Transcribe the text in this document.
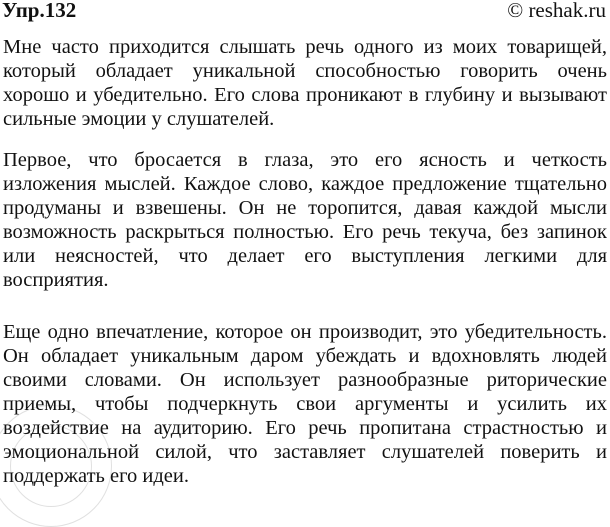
Упр.132	© reshak.ru
Мне часто приходится слышать речь одного из моих товарищей,
который обладает уникальной способностью говорить очень
хорошо и убедительно. Его слова проникают в глубину и вызывают
сильные эмоции у слушателей.
Первое, что бросается в глаза, это его ясность и четкость
изложения мыслей. Каждое слово, каждое предложение тщательно
продуманы и взвешены. Он не торопится, давая каждой мысли
возможность раскрыться полностью. Его речь текуча, без запинок
или неясностей, что делает его выступления легкими для
восприятия.
Еще одно впечатление, которое он производит, это убедительность.
Он обладает уникальным даром убеждать и вдохновлять людей
своими словами. Он использует разнообразные риторические
приемы, чтобы подчеркнуть свои аргументы и усилить их
воздействие на аудиторию. Его речь пропитана страстностью и
эмоциональной силой, что заставляет слушателей поверить и
поддержать его идеи.
